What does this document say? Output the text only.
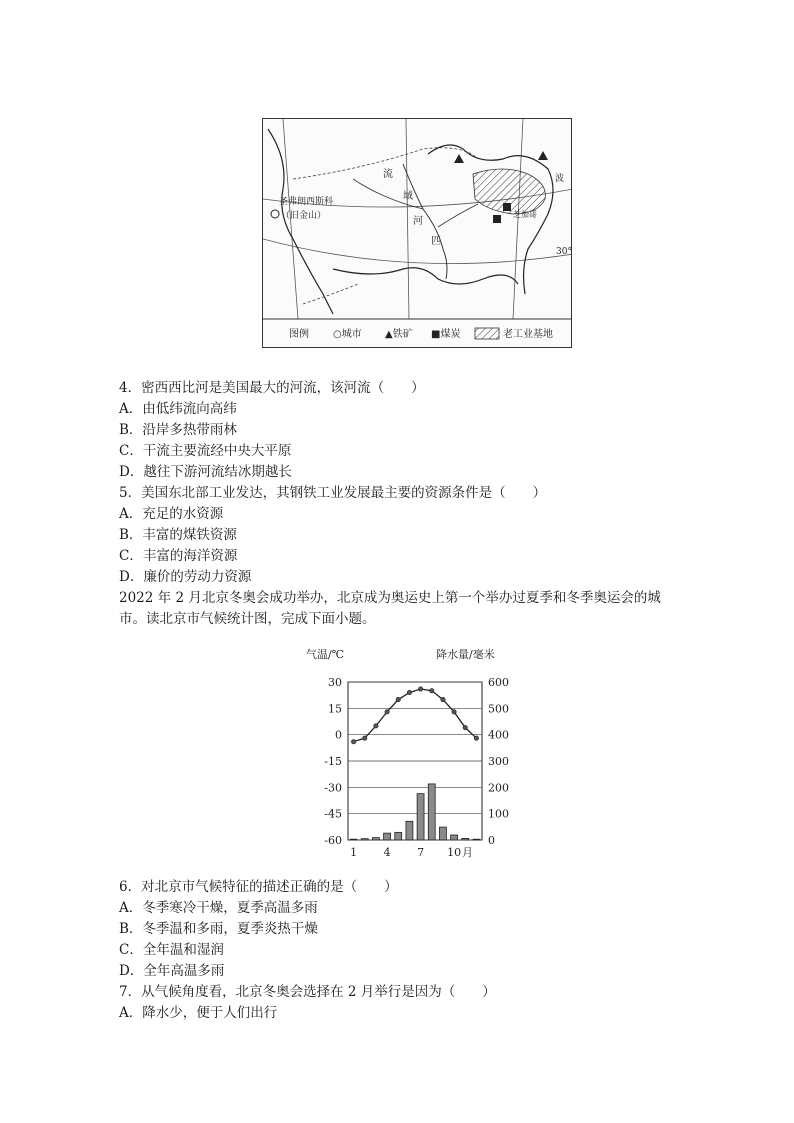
圣弗朗西斯科
（旧金山）
流
域
河
匹
芝加哥
30°
波
图例 ○城市 ▲铁矿 ■煤炭	老工业基地
4．密西西比河是美国最大的河流，该河流（　　）
A．由低纬流向高纬
B．沿岸多热带雨林
C．干流主要流经中央大平原
D．越往下游河流结冰期越长
5．美国东北部工业发达，其钢铁工业发展最主要的资源条件是（　　）
A．充足的水资源
B．丰富的煤铁资源
C．丰富的海洋资源
D．廉价的劳动力资源
2022 年 2 月北京冬奥会成功举办，北京成为奥运史上第一个举办过夏季和冬季奥运会的城
市。读北京市气候统计图，完成下面小题。
气温/℃	降水量/毫米
月
30
15
0
-15
-30
-45
-60
600
500
400
300
200
100
0
1 4 7 10
6．对北京市气候特征的描述正确的是（　　）
A．冬季寒冷干燥，夏季高温多雨
B．冬季温和多雨，夏季炎热干燥
C．全年温和湿润
D．全年高温多雨
7．从气候角度看，北京冬奥会选择在 2 月举行是因为（　　）
A．降水少，便于人们出行
